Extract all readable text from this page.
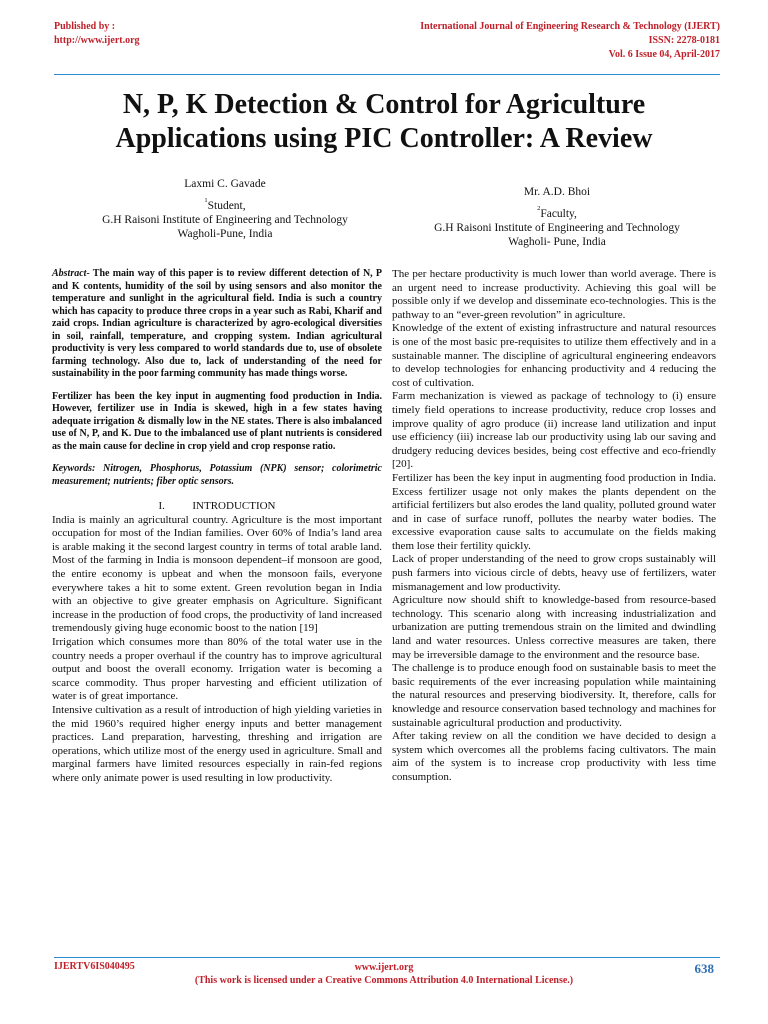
Published by :
http://www.ijert.org
International Journal of Engineering Research & Technology (IJERT)
ISSN: 2278-0181
Vol. 6 Issue 04, April-2017
N, P, K Detection & Control for Agriculture
Applications using PIC Controller: A Review
Laxmi C. Gavade
$^1$Student,
G.H Raisoni Institute of Engineering and Technology
Wagholi-Pune, India
Mr. A.D. Bhoi
$^2$Faculty,
G.H Raisoni Institute of Engineering and Technology
Wagholi- Pune, India

Abstract- The main way of this paper is to review different detection of N, P and K contents, humidity of the soil by using sensors and also monitor the temperature and sunlight in the agricultural field. India is such a country which has capacity to produce three crops in a year such as Rabi, Kharif and zaid crops. Indian agriculture is characterized by agro-ecological diversities in soil, rainfall, temperature, and cropping system. Indian agricultural productivity is very less compared to world standards due to, use of obsolete farming technology. Also due to, lack of understanding of the need for sustainability in the poor farming community has made things worse.

Fertilizer has been the key input in augmenting food production in India. However, fertilizer use in India is skewed, high in a few states having adequate irrigation & dismally low in the NE states. There is also imbalanced use of N, P, and K. Due to the imbalanced use of plant nutrients is considered as the main cause for decline in crop yield and crop response ratio.

Keywords: Nitrogen, Phosphorus, Potassium (NPK) sensor; colorimetric measurement; nutrients; fiber optic sensors.

I.          INTRODUCTION

India is mainly an agricultural country. Agriculture is the most important occupation for most of the Indian families. Over 60% of India’s land area is arable making it the second largest country in terms of total arable land. Most of the farming in India is monsoon dependent–if monsoon are good, the entire economy is upbeat and when the monsoon fails, everyone everywhere takes a hit to some extent. Green revolution began in India with an objective to give greater emphasis on Agriculture. Significant increase in the production of food crops, the productivity of land increased tremendously giving huge economic boost to the nation [19]

Irrigation which consumes more than 80% of the total water use in the country needs a proper overhaul if the country has to improve agricultural output and boost the overall economy. Irrigation water is becoming a scarce commodity. Thus proper harvesting and efficient utilization of water is of great importance.

Intensive cultivation as a result of introduction of high yielding varieties in the mid 1960’s required higher energy inputs and better management practices. Land preparation, harvesting, threshing and irrigation are operations, which utilize most of the energy used in agriculture. Small and marginal farmers have limited resources especially in rain-fed regions where only animate power is used resulting in low productivity.

The per hectare productivity is much lower than world average. There is an urgent need to increase productivity. Achieving this goal will be possible only if we develop and disseminate eco-technologies. This is the pathway to an “ever-green revolution” in agriculture.

Knowledge of the extent of existing infrastructure and natural resources is one of the most basic pre-requisites to utilize them effectively and in a sustainable manner. The discipline of agricultural engineering endeavors to develop technologies for enhancing productivity and 4 reducing the cost of cultivation.

Farm mechanization is viewed as package of technology to (i) ensure timely field operations to increase productivity, reduce crop losses and improve quality of agro produce (ii) increase land utilization and input use efficiency (iii) increase lab our productivity using lab our saving and drudgery reducing devices besides, being cost effective and eco-friendly [20].

Fertilizer has been the key input in augmenting food production in India. Excess fertilizer usage not only makes the plants dependent on the artificial fertilizers but also erodes the land quality, polluted ground water and in case of surface runoff, pollutes the nearby water bodies. The excessive evaporation cause salts to accumulate on the fields making them lose their fertility quickly.

Lack of proper understanding of the need to grow crops sustainably will push farmers into vicious circle of debts, heavy use of fertilizers, water mismanagement and low productivity.

Agriculture now should shift to knowledge-based from resource-based technology. This scenario along with increasing industrialization and urbanization are putting tremendous strain on the limited and dwindling land and water resources. Unless corrective measures are taken, there may be irreversible damage to the environment and the resource base.

The challenge is to produce enough food on sustainable basis to meet the basic requirements of the ever increasing population while maintaining the natural resources and preserving biodiversity. It, therefore, calls for knowledge and resource conservation based technology and machines for sustainable agricultural production and productivity.

After taking review on all the condition we have decided to design a system which overcomes all the problems facing cultivators. The main aim of the system is to increase crop productivity with less time consumption.

IJERTV6IS040495	www.ijert.org
(This work is licensed under a Creative Commons Attribution 4.0 International License.)
638
